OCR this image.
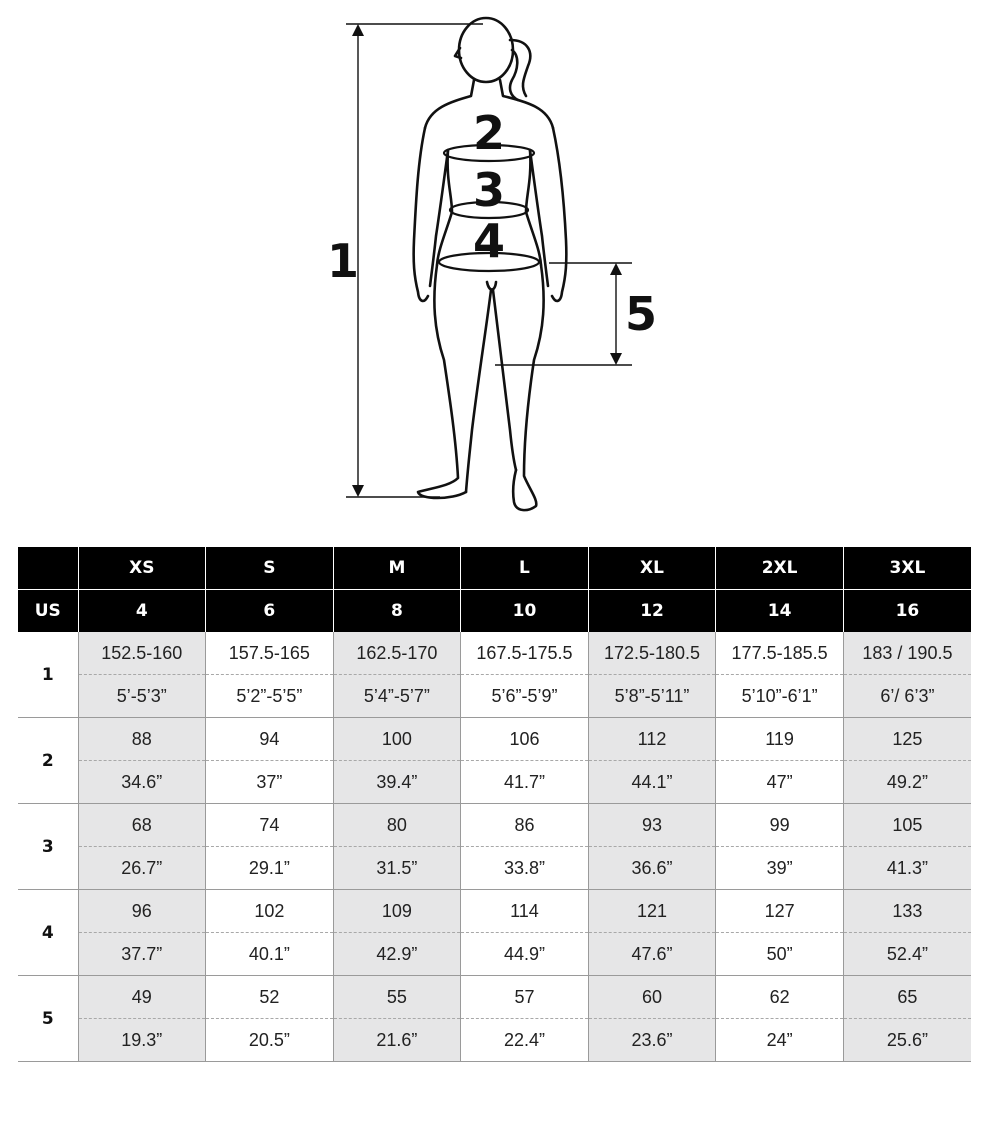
1
2
3
4
5
	XS	S	M	L	XL	2XL	3XL
US	4	6	8	10	12	14	16
1	152.5-160	157.5-165	162.5-170	167.5-175.5	172.5-180.5	177.5-185.5	183 / 190.5
	5’-5’3”	5’2”-5’5”	5’4”-5’7”	5’6”-5’9”	5’8”-5’11”	5’10”-6’1”	6’/ 6’3”
2	88	94	100	106	112	119	125
	34.6”	37”	39.4”	41.7”	44.1”	47”	49.2”
3	68	74	80	86	93	99	105
	26.7”	29.1”	31.5”	33.8”	36.6”	39”	41.3”
4	96	102	109	114	121	127	133
	37.7”	40.1”	42.9”	44.9”	47.6”	50”	52.4”
5	49	52	55	57	60	62	65
	19.3”	20.5”	21.6”	22.4”	23.6”	24”	25.6”
